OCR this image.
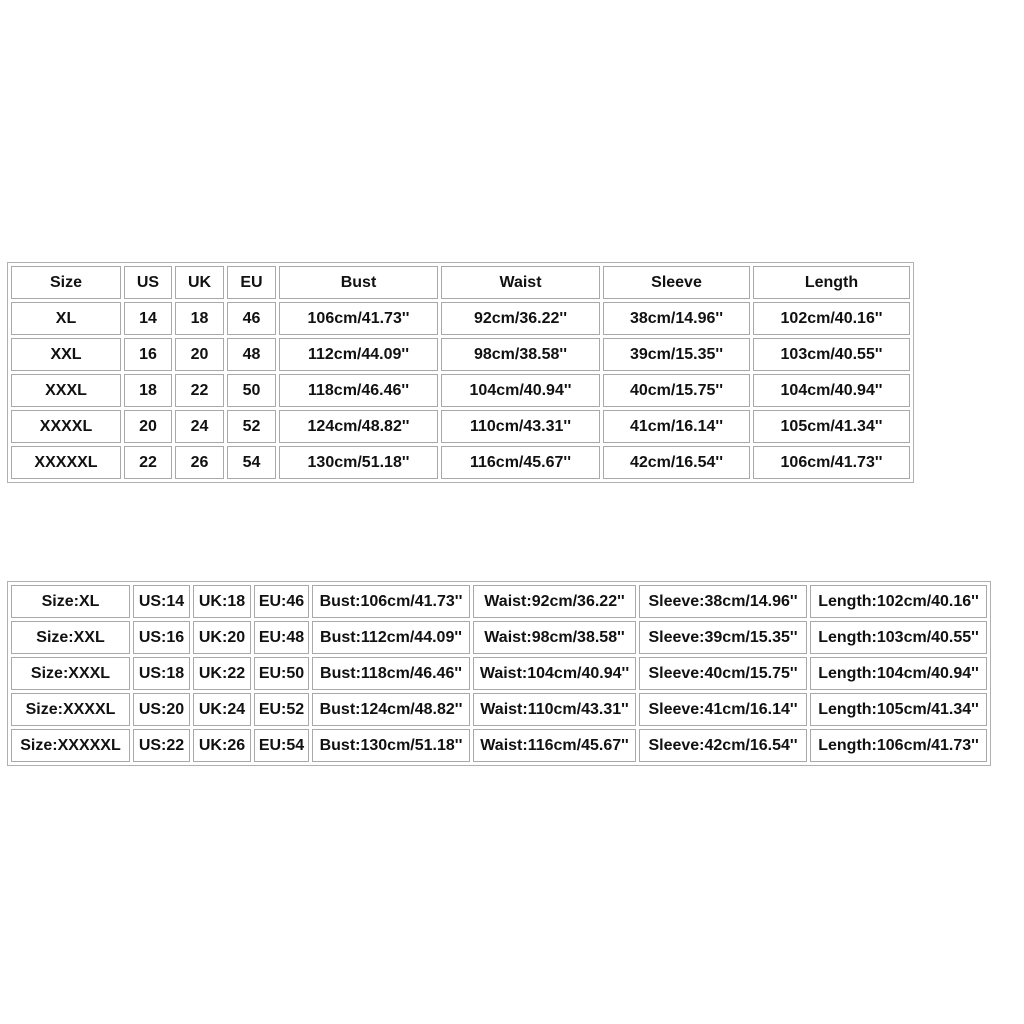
Size	US	UK	EU	Bust	Waist	Sleeve	Length
XL	14	18	46	106cm/41.73''	92cm/36.22''	38cm/14.96''	102cm/40.16''
XXL	16	20	48	112cm/44.09''	98cm/38.58''	39cm/15.35''	103cm/40.55''
XXXL	18	22	50	118cm/46.46''	104cm/40.94''	40cm/15.75''	104cm/40.94''
XXXXL	20	24	52	124cm/48.82''	110cm/43.31''	41cm/16.14''	105cm/41.34''
XXXXXL	22	26	54	130cm/51.18''	116cm/45.67''	42cm/16.54''	106cm/41.73''
Size:XL	US:14	UK:18	EU:46	Bust:106cm/41.73''	Waist:92cm/36.22''	Sleeve:38cm/14.96''	Length:102cm/40.16''
Size:XXL	US:16	UK:20	EU:48	Bust:112cm/44.09''	Waist:98cm/38.58''	Sleeve:39cm/15.35''	Length:103cm/40.55''
Size:XXXL	US:18	UK:22	EU:50	Bust:118cm/46.46''	Waist:104cm/40.94''	Sleeve:40cm/15.75''	Length:104cm/40.94''
Size:XXXXL	US:20	UK:24	EU:52	Bust:124cm/48.82''	Waist:110cm/43.31''	Sleeve:41cm/16.14''	Length:105cm/41.34''
Size:XXXXXL	US:22	UK:26	EU:54	Bust:130cm/51.18''	Waist:116cm/45.67''	Sleeve:42cm/16.54''	Length:106cm/41.73''
